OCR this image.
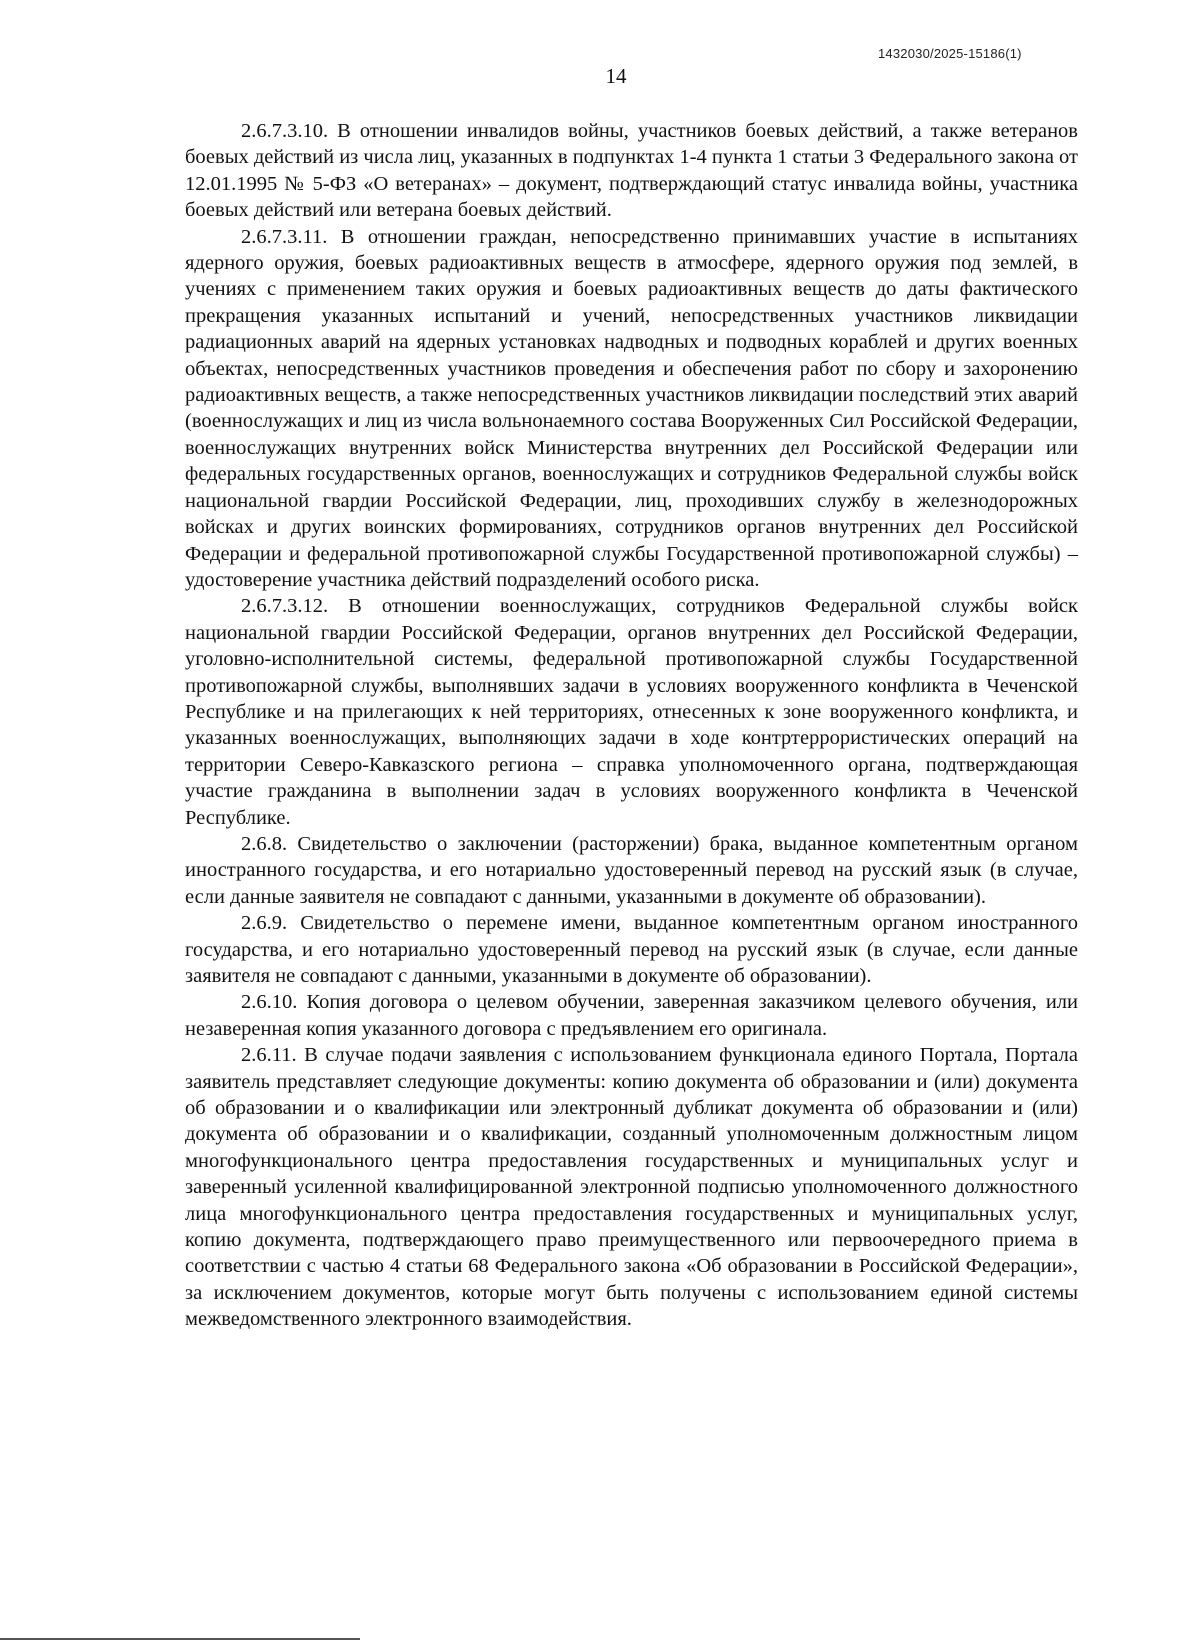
1432030/2025-15186(1)
14

2.6.7.3.10. В отношении инвалидов войны, участников боевых действий, а также ветеранов боевых действий из числа лиц, указанных в подпунктах 1-4 пункта 1 статьи 3 Федерального закона от 12.01.1995 № 5-ФЗ «О ветеранах» – документ, подтверждающий статус инвалида войны, участника боевых действий или ветерана боевых действий.

2.6.7.3.11. В отношении граждан, непосредственно принимавших участие в испытаниях ядерного оружия, боевых радиоактивных веществ в атмосфере, ядерного оружия под землей, в учениях с применением таких оружия и боевых радиоактивных веществ до даты фактического прекращения указанных испытаний и учений, непосредственных участников ликвидации радиационных аварий на ядерных установках надводных и подводных кораблей и других военных объектах, непосредственных участников проведения и обеспечения работ по сбору и захоронению радиоактивных веществ, а также непосредственных участников ликвидации последствий этих аварий (военнослужащих и лиц из числа вольнонаемного состава Вооруженных Сил Российской Федерации, военнослужащих внутренних войск Министерства внутренних дел Российской Федерации или федеральных государственных органов, военнослужащих и сотрудников Федеральной службы войск национальной гвардии Российской Федерации, лиц, проходивших службу в железнодорожных войсках и других воинских формированиях, сотрудников органов внутренних дел Российской Федерации и федеральной противопожарной службы Государственной противопожарной службы) – удостоверение участника действий подразделений особого риска.

2.6.7.3.12. В отношении военнослужащих, сотрудников Федеральной службы войск национальной гвардии Российской Федерации, органов внутренних дел Российской Федерации, уголовно-исполнительной системы, федеральной противопожарной службы Государственной противопожарной службы, выполнявших задачи в условиях вооруженного конфликта в Чеченской Республике и на прилегающих к ней территориях, отнесенных к зоне вооруженного конфликта, и указанных военнослужащих, выполняющих задачи в ходе контртеррористических операций на территории Северо-Кавказского региона – справка уполномоченного органа, подтверждающая участие гражданина в выполнении задач в условиях вооруженного конфликта в Чеченской Республике.

2.6.8. Свидетельство о заключении (расторжении) брака, выданное компетентным органом иностранного государства, и его нотариально удостоверенный перевод на русский язык (в случае, если данные заявителя не совпадают с данными, указанными в документе об образовании).

2.6.9. Свидетельство о перемене имени, выданное компетентным органом иностранного государства, и его нотариально удостоверенный перевод на русский язык (в случае, если данные заявителя не совпадают с данными, указанными в документе об образовании).

2.6.10. Копия договора о целевом обучении, заверенная заказчиком целевого обучения, или незаверенная копия указанного договора с предъявлением его оригинала.

2.6.11. В случае подачи заявления с использованием функционала единого Портала, Портала заявитель представляет следующие документы: копию документа об образовании и (или) документа об образовании и о квалификации или электронный дубликат документа об образовании и (или) документа об образовании и о квалификации, созданный уполномоченным должностным лицом многофункционального центра предоставления государственных и муниципальных услуг и заверенный усиленной квалифицированной электронной подписью уполномоченного должностного лица многофункционального центра предоставления государственных и муниципальных услуг, копию документа, подтверждающего право преимущественного или первоочередного приема в соответствии с частью 4 статьи 68 Федерального закона «Об образовании в Российской Федерации», за исключением документов, которые могут быть получены с использованием единой системы межведомственного электронного взаимодействия.
